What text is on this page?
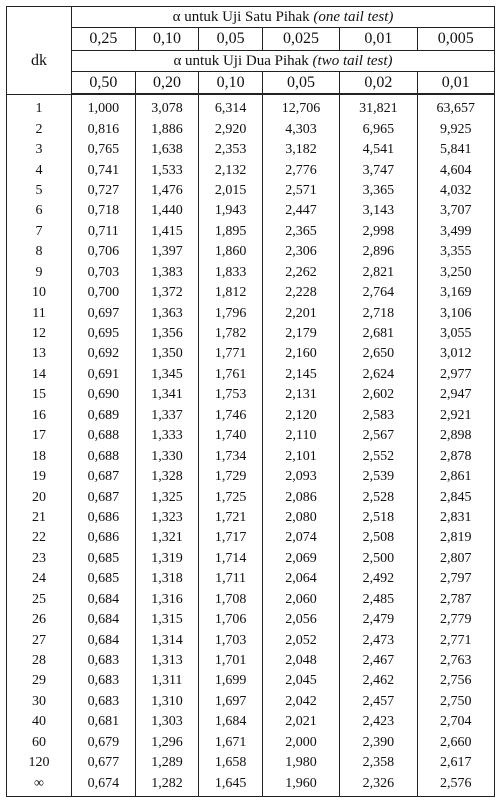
	α untuk Uji Satu Pihak (one tail test)					
dk	0,25	0,10	0,05	0,025	0,01	0,005
	α untuk Uji Dua Pihak (two tail test)					
	0,50	0,20	0,10	0,05	0,02	0,01
1	1,000	3,078	6,314	12,706	31,821	63,657
2	0,816	1,886	2,920	4,303	6,965	9,925
3	0,765	1,638	2,353	3,182	4,541	5,841
4	0,741	1,533	2,132	2,776	3,747	4,604
5	0,727	1,476	2,015	2,571	3,365	4,032
6	0,718	1,440	1,943	2,447	3,143	3,707
7	0,711	1,415	1,895	2,365	2,998	3,499
8	0,706	1,397	1,860	2,306	2,896	3,355
9	0,703	1,383	1,833	2,262	2,821	3,250
10	0,700	1,372	1,812	2,228	2,764	3,169
11	0,697	1,363	1,796	2,201	2,718	3,106
12	0,695	1,356	1,782	2,179	2,681	3,055
13	0,692	1,350	1,771	2,160	2,650	3,012
14	0,691	1,345	1,761	2,145	2,624	2,977
15	0,690	1,341	1,753	2,131	2,602	2,947
16	0,689	1,337	1,746	2,120	2,583	2,921
17	0,688	1,333	1,740	2,110	2,567	2,898
18	0,688	1,330	1,734	2,101	2,552	2,878
19	0,687	1,328	1,729	2,093	2,539	2,861
20	0,687	1,325	1,725	2,086	2,528	2,845
21	0,686	1,323	1,721	2,080	2,518	2,831
22	0,686	1,321	1,717	2,074	2,508	2,819
23	0,685	1,319	1,714	2,069	2,500	2,807
24	0,685	1,318	1,711	2,064	2,492	2,797
25	0,684	1,316	1,708	2,060	2,485	2,787
26	0,684	1,315	1,706	2,056	2,479	2,779
27	0,684	1,314	1,703	2,052	2,473	2,771
28	0,683	1,313	1,701	2,048	2,467	2,763
29	0,683	1,311	1,699	2,045	2,462	2,756
30	0,683	1,310	1,697	2,042	2,457	2,750
40	0,681	1,303	1,684	2,021	2,423	2,704
60	0,679	1,296	1,671	2,000	2,390	2,660
120	0,677	1,289	1,658	1,980	2,358	2,617
∞	0,674	1,282	1,645	1,960	2,326	2,576
